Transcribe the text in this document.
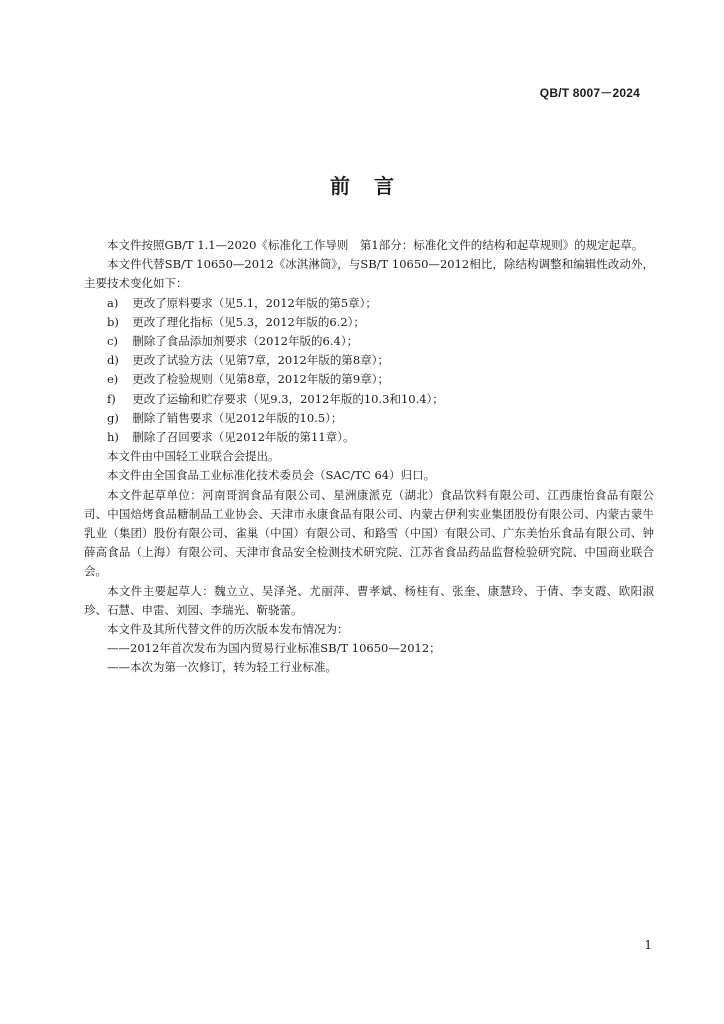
QB/T 8007－2024
前言

本文件按照GB/T 1.1—2020《标准化工作导则　第1部分：标准化文件的结构和起草规则》的规定起草。

本文件代替SB/T 10650—2012《冰淇淋筒》，与SB/T 10650—2012相比，除结构调整和编辑性改动外，主要技术变化如下：

a) 更改了原料要求（见5.1，2012年版的第5章）；

b) 更改了理化指标（见5.3，2012年版的6.2）；

c) 删除了食品添加剂要求（2012年版的6.4）；

d) 更改了试验方法（见第7章，2012年版的第8章）；

e) 更改了检验规则（见第8章，2012年版的第9章）；

f) 更改了运输和贮存要求（见9.3，2012年版的10.3和10.4）；

g) 删除了销售要求（见2012年版的10.5）；

h) 删除了召回要求（见2012年版的第11章）。

本文件由中国轻工业联合会提出。

本文件由全国食品工业标准化技术委员会（SAC/TC 64）归口。

本文件起草单位：河南哥润食品有限公司、星洲康派克（湖北）食品饮料有限公司、江西康怡食品有限公司、中国焙烤食品糖制品工业协会、天津市永康食品有限公司、内蒙古伊利实业集团股份有限公司、内蒙古蒙牛乳业（集团）股份有限公司、雀巢（中国）有限公司、和路雪（中国）有限公司、广东美怡乐食品有限公司、钟薛高食品（上海）有限公司、天津市食品安全检测技术研究院、江苏省食品药品监督检验研究院、中国商业联合会。

本文件主要起草人：魏立立、吴泽尧、尤丽萍、曹孝斌、杨桂有、张奎、康慧玲、于倩、李支霞、欧阳淑珍、石慧、申雷、刘园、李瑞光、靳骁蕾。

本文件及其所代替文件的历次版本发布情况为：

——2012年首次发布为国内贸易行业标准SB/T 10650—2012；

——本次为第一次修订，转为轻工行业标准。

1
